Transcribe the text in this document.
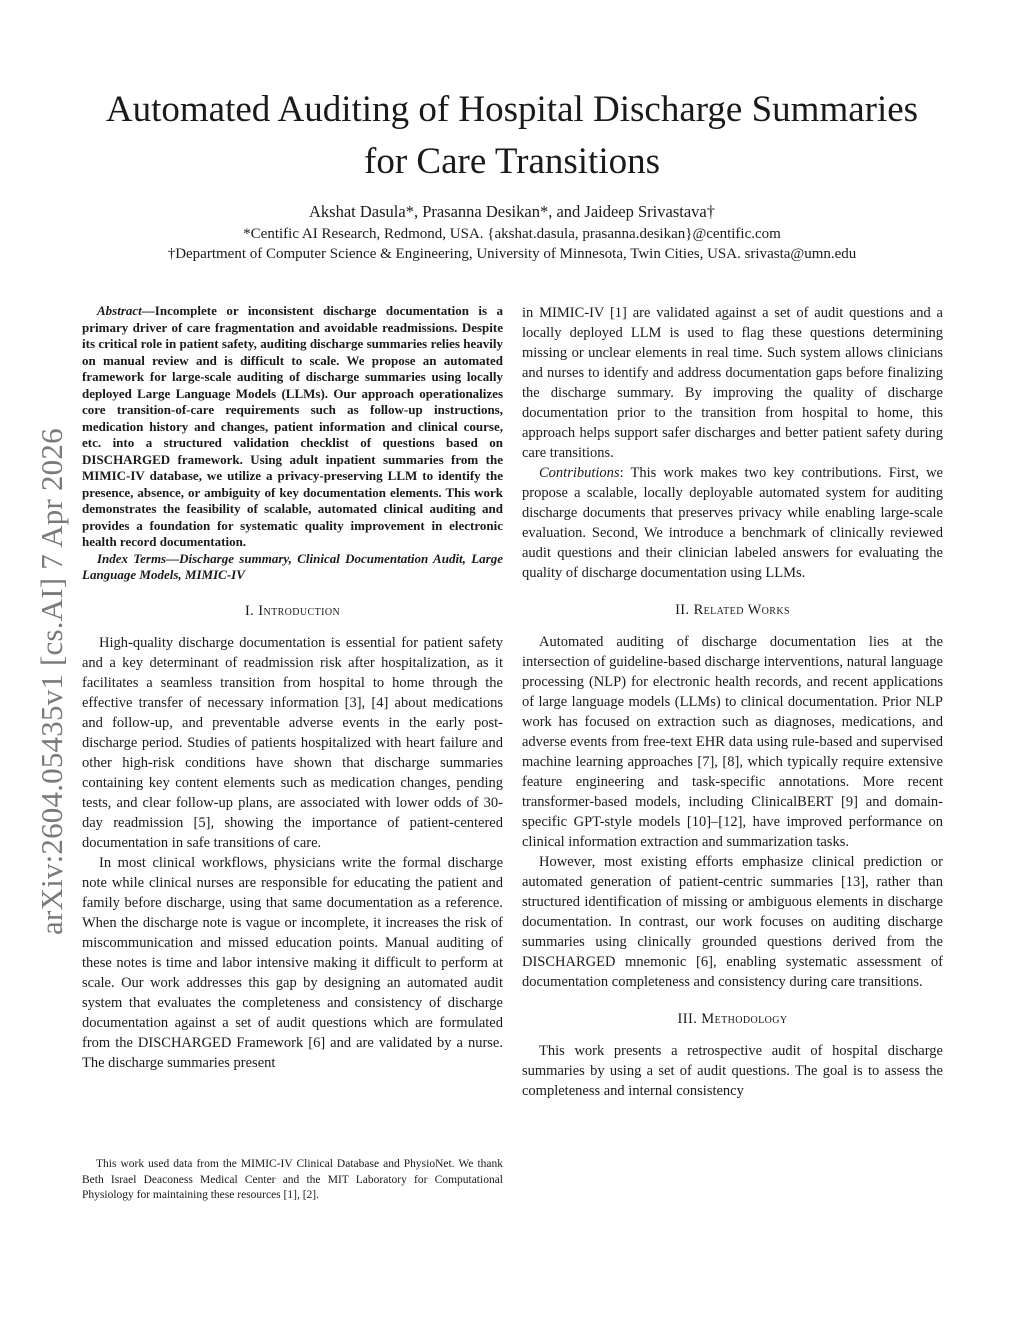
arXiv:2604.05435v1 [cs.AI] 7 Apr 2026
Automated Auditing of Hospital Discharge Summaries for Care Transitions
Akshat Dasula*, Prasanna Desikan*, and Jaideep Srivastava†
*Centific AI Research, Redmond, USA. {akshat.dasula, prasanna.desikan}@centific.com
†Department of Computer Science & Engineering, University of Minnesota, Twin Cities, USA. srivasta@umn.edu

Abstract—Incomplete or inconsistent discharge documentation is a primary driver of care fragmentation and avoidable readmissions. Despite its critical role in patient safety, auditing discharge summaries relies heavily on manual review and is difficult to scale. We propose an automated framework for large-scale auditing of discharge summaries using locally deployed Large Language Models (LLMs). Our approach operationalizes core transition-of-care requirements such as follow-up instructions, medication history and changes, patient information and clinical course, etc. into a structured validation checklist of questions based on DISCHARGED framework. Using adult inpatient summaries from the MIMIC-IV database, we utilize a privacy-preserving LLM to identify the presence, absence, or ambiguity of key documentation elements. This work demonstrates the feasibility of scalable, automated clinical auditing and provides a foundation for systematic quality improvement in electronic health record documentation.

Index Terms—Discharge summary, Clinical Documentation Audit, Large Language Models, MIMIC-IV

I. Introduction

High-quality discharge documentation is essential for patient safety and a key determinant of readmission risk after hospitalization, as it facilitates a seamless transition from hospital to home through the effective transfer of necessary information [3], [4] about medications and follow-up, and preventable adverse events in the early post-discharge period. Studies of patients hospitalized with heart failure and other high-risk conditions have shown that discharge summaries containing key content elements such as medication changes, pending tests, and clear follow-up plans, are associated with lower odds of 30-day readmission [5], showing the importance of patient-centered documentation in safe transitions of care.

In most clinical workflows, physicians write the formal discharge note while clinical nurses are responsible for educating the patient and family before discharge, using that same documentation as a reference. When the discharge note is vague or incomplete, it increases the risk of miscommunication and missed education points. Manual auditing of these notes is time and labor intensive making it difficult to perform at scale. Our work addresses this gap by designing an automated audit system that evaluates the completeness and consistency of discharge documentation against a set of audit questions which are formulated from the DISCHARGED Framework [6] and are validated by a nurse. The discharge summaries present

in MIMIC-IV [1] are validated against a set of audit questions and a locally deployed LLM is used to flag these questions determining missing or unclear elements in real time. Such system allows clinicians and nurses to identify and address documentation gaps before finalizing the discharge summary. By improving the quality of discharge documentation prior to the transition from hospital to home, this approach helps support safer discharges and better patient safety during care transitions.

Contributions: This work makes two key contributions. First, we propose a scalable, locally deployable automated system for auditing discharge documents that preserves privacy while enabling large-scale evaluation. Second, We introduce a benchmark of clinically reviewed audit questions and their clinician labeled answers for evaluating the quality of discharge documentation using LLMs.

II. Related Works

Automated auditing of discharge documentation lies at the intersection of guideline-based discharge interventions, natural language processing (NLP) for electronic health records, and recent applications of large language models (LLMs) to clinical documentation. Prior NLP work has focused on extraction such as diagnoses, medications, and adverse events from free-text EHR data using rule-based and supervised machine learning approaches [7], [8], which typically require extensive feature engineering and task-specific annotations. More recent transformer-based models, including ClinicalBERT [9] and domain-specific GPT-style models [10]–[12], have improved performance on clinical information extraction and summarization tasks.

However, most existing efforts emphasize clinical prediction or automated generation of patient-centric summaries [13], rather than structured identification of missing or ambiguous elements in discharge documentation. In contrast, our work focuses on auditing discharge summaries using clinically grounded questions derived from the DISCHARGED mnemonic [6], enabling systematic assessment of documentation completeness and consistency during care transitions.

III. Methodology

This work presents a retrospective audit of hospital discharge summaries by using a set of audit questions. The goal is to assess the completeness and internal consistency

This work used data from the MIMIC-IV Clinical Database and PhysioNet. We thank Beth Israel Deaconess Medical Center and the MIT Laboratory for Computational Physiology for maintaining these resources [1], [2].
